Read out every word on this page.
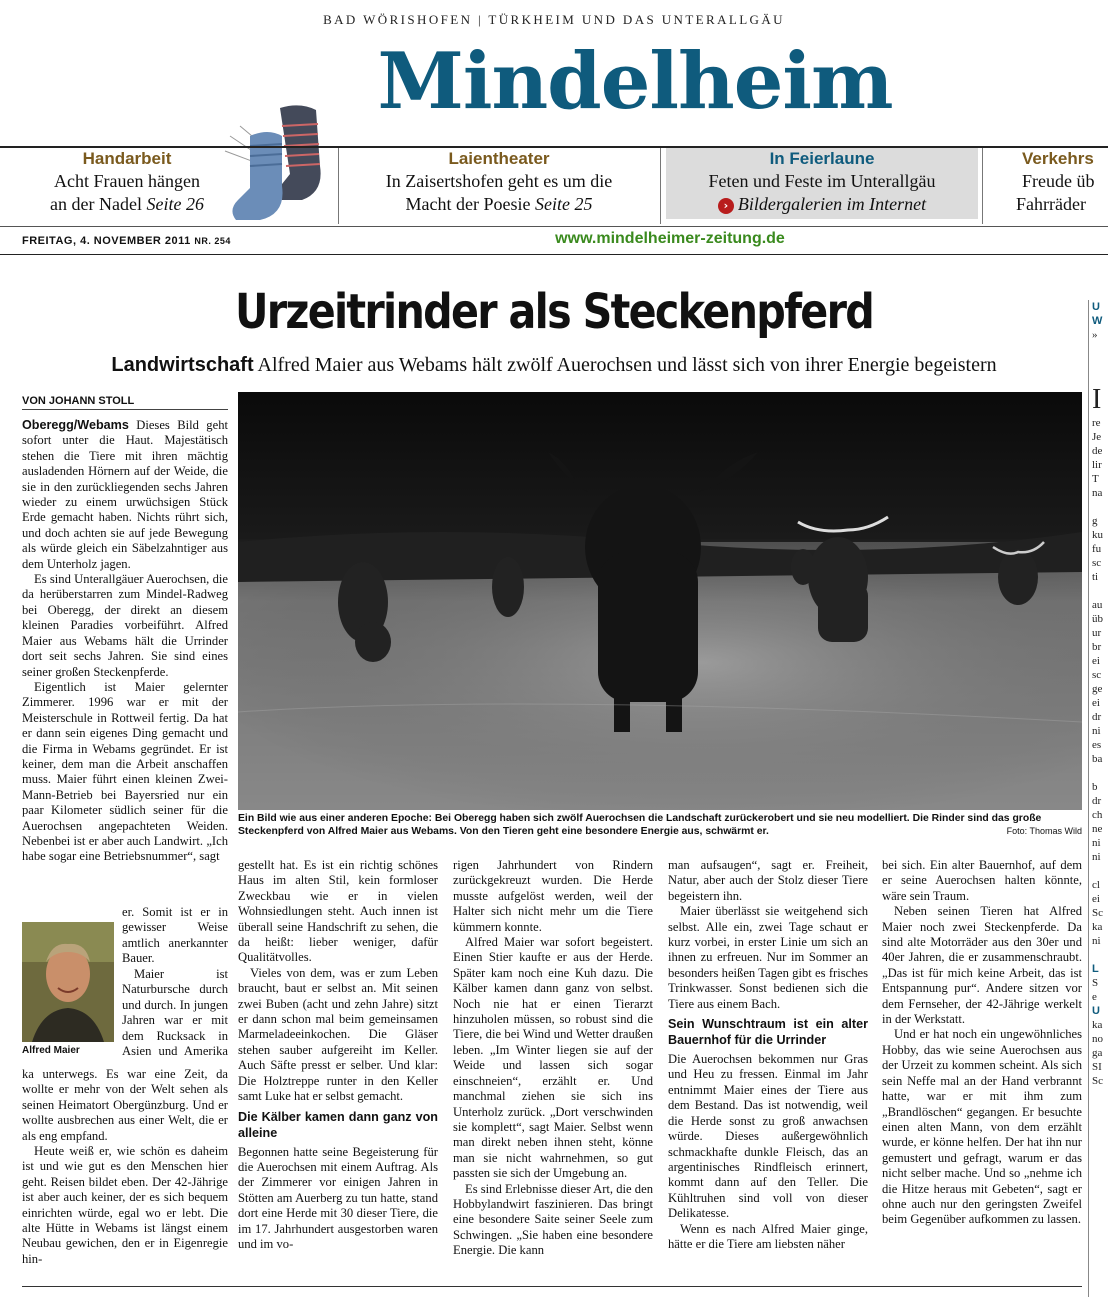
BAD WÖRISHOFEN | TÜRKHEIM UND DAS UNTERALLGÄU
Mindelheim
Handarbeit
Acht Frauen hängen
an der Nadel Seite 26
Laientheater
In Zaisertshofen geht es um die
Macht der Poesie Seite 25
In Feierlaune
Feten und Feste im Unterallgäu
› Bildergalerien im Internet
Verkehrs
Freude üb
Fahrräder
FREITAG, 4. NOVEMBER 2011 NR. 254	www.mindelheimer-zeitung.de
Urzeitrinder als Steckenpferd
Landwirtschaft Alfred Maier aus Webams hält zwölf Auerochsen und lässt sich von ihrer Energie begeistern
VON JOHANN STOLL

Oberegg/Webams Dieses Bild geht sofort unter die Haut. Majestätisch stehen die Tiere mit ihren mächtig ausladenden Hörnern auf der Weide, die sie in den zurückliegenden sechs Jahren wieder zu einem urwüchsigen Stück Erde gemacht haben. Nichts rührt sich, und doch achten sie auf jede Bewegung als würde gleich ein Säbelzahntiger aus dem Unterholz jagen.

Es sind Unterallgäuer Auerochsen, die da herüberstarren zum Mindel-Radweg bei Oberegg, der direkt an diesem kleinen Paradies vorbeiführt. Alfred Maier aus Webams hält die Urrinder dort seit sechs Jahren. Sie sind eines seiner großen Steckenpferde.

Eigentlich ist Maier gelernter Zimmerer. 1996 war er mit der Meisterschule in Rottweil fertig. Da hat er dann sein eigenes Ding gemacht und die Firma in Webams gegründet. Er ist keiner, dem man die Arbeit anschaffen muss. Maier führt einen kleinen Zwei-Mann-Betrieb bei Bayersried nur ein paar Kilometer südlich seiner für die Auerochsen angepachteten Weiden. Nebenbei ist er aber auch Landwirt. „Ich habe sogar eine Betriebsnummer“, sagt

er. Somit ist er in gewisser Weise amtlich anerkannter Bauer.

Maier ist Naturbursche durch und durch. In jungen Jahren war er mit dem Rucksack in Asien und Amerika

Alfred Maier

ka unterwegs. Es war eine Zeit, da wollte er mehr von der Welt sehen als seinen Heimatort Obergünzburg. Und er wollte ausbrechen aus einer Welt, die er als eng empfand.

Heute weiß er, wie schön es daheim ist und wie gut es den Menschen hier geht. Reisen bildet eben. Der 42-Jährige ist aber auch keiner, der es sich bequem einrichten würde, egal wo er lebt. Die alte Hütte in Webams ist längst einem Neubau gewichen, den er in Eigenregie hin-

Ein Bild wie aus einer anderen Epoche: Bei Oberegg haben sich zwölf Auerochsen die Landschaft zurückerobert und sie neu modelliert. Die Rinder sind das große Steckenpferd von Alfred Maier aus Webams. Von den Tieren geht eine besondere Energie aus, schwärmt er.	Foto: Thomas Wild

gestellt hat. Es ist ein richtig schönes Haus im alten Stil, kein formloser Zweckbau wie er in vielen Wohnsiedlungen steht. Auch innen ist überall seine Handschrift zu sehen, die da heißt: lieber weniger, dafür Qualitätvolles.

Vieles von dem, was er zum Leben braucht, baut er selbst an. Mit seinen zwei Buben (acht und zehn Jahre) sitzt er dann schon mal beim gemeinsamen Marmeladeeinkochen. Die Gläser stehen sauber aufgereiht im Keller. Auch Säfte presst er selber. Und klar: Die Holztreppe runter in den Keller samt Luke hat er selbst gemacht.

Die Kälber kamen dann ganz von alleine

Begonnen hatte seine Begeisterung für die Auerochsen mit einem Auftrag. Als der Zimmerer vor einigen Jahren in Stötten am Auerberg zu tun hatte, stand dort eine Herde mit 30 dieser Tiere, die im 17. Jahrhundert ausgestorben waren und im vo-

rigen Jahrhundert von Rindern zurückgekreuzt wurden. Die Herde musste aufgelöst werden, weil der Halter sich nicht mehr um die Tiere kümmern konnte.

Alfred Maier war sofort begeistert. Einen Stier kaufte er aus der Herde. Später kam noch eine Kuh dazu. Die Kälber kamen dann ganz von selbst. Noch nie hat er einen Tierarzt hinzuholen müssen, so robust sind die Tiere, die bei Wind und Wetter draußen leben. „Im Winter liegen sie auf der Weide und lassen sich sogar einschneien“, erzählt er. Und manchmal ziehen sie sich ins Unterholz zurück. „Dort verschwinden sie komplett“, sagt Maier. Selbst wenn man direkt neben ihnen steht, könne man sie nicht wahrnehmen, so gut passten sie sich der Umgebung an.

Es sind Erlebnisse dieser Art, die den Hobbylandwirt faszinieren. Das bringt eine besondere Saite seiner Seele zum Schwingen. „Sie haben eine besondere Energie. Die kann

man aufsaugen“, sagt er. Freiheit, Natur, aber auch der Stolz dieser Tiere begeistern ihn.

Maier überlässt sie weitgehend sich selbst. Alle ein, zwei Tage schaut er kurz vorbei, in erster Linie um sich an ihnen zu erfreuen. Nur im Sommer an besonders heißen Tagen gibt es frisches Trinkwasser. Sonst bedienen sich die Tiere aus einem Bach.

Sein Wunschtraum ist ein alter Bauernhof für die Urrinder

Die Auerochsen bekommen nur Gras und Heu zu fressen. Einmal im Jahr entnimmt Maier eines der Tiere aus dem Bestand. Das ist notwendig, weil die Herde sonst zu groß anwachsen würde. Dieses außergewöhnlich schmackhafte dunkle Fleisch, das an argentinisches Rindfleisch erinnert, kommt dann auf den Teller. Die Kühltruhen sind voll von dieser Delikatesse.

Wenn es nach Alfred Maier ginge, hätte er die Tiere am liebsten näher

bei sich. Ein alter Bauernhof, auf dem er seine Auerochsen halten könnte, wäre sein Traum.

Neben seinen Tieren hat Alfred Maier noch zwei Steckenpferde. Da sind alte Motorräder aus den 30er und 40er Jahren, die er zusammenschraubt. „Das ist für mich keine Arbeit, das ist Entspannung pur“. Andere sitzen vor dem Fernseher, der 42-Jährige werkelt in der Werkstatt.

Und er hat noch ein ungewöhnliches Hobby, das wie seine Auerochsen aus der Urzeit zu kommen scheint. Als sich sein Neffe mal an der Hand verbrannt hatte, war er mit ihm zum „Brandlöschen“ gegangen. Er besuchte einen alten Mann, von dem erzählt wurde, er könne helfen. Der hat ihn nur gemustert und gefragt, warum er das nicht selber mache. Und so „nehme ich die Hitze heraus mit Gebeten“, sagt er ohne auch nur den geringsten Zweifel beim Gegenüber aufkommen zu lassen.

U
W
»

I
re
Je
de
lir
T
na

g
ku
fu
sc
ti

au
üb
ur
br
ei
sc
ge
ei
dr
ni
es
ba

b
dr
ch
ne
ni
ni

cl
ei
Sc
ka
ni

L
S
e
U
ka
no
ga
SI
Sc
